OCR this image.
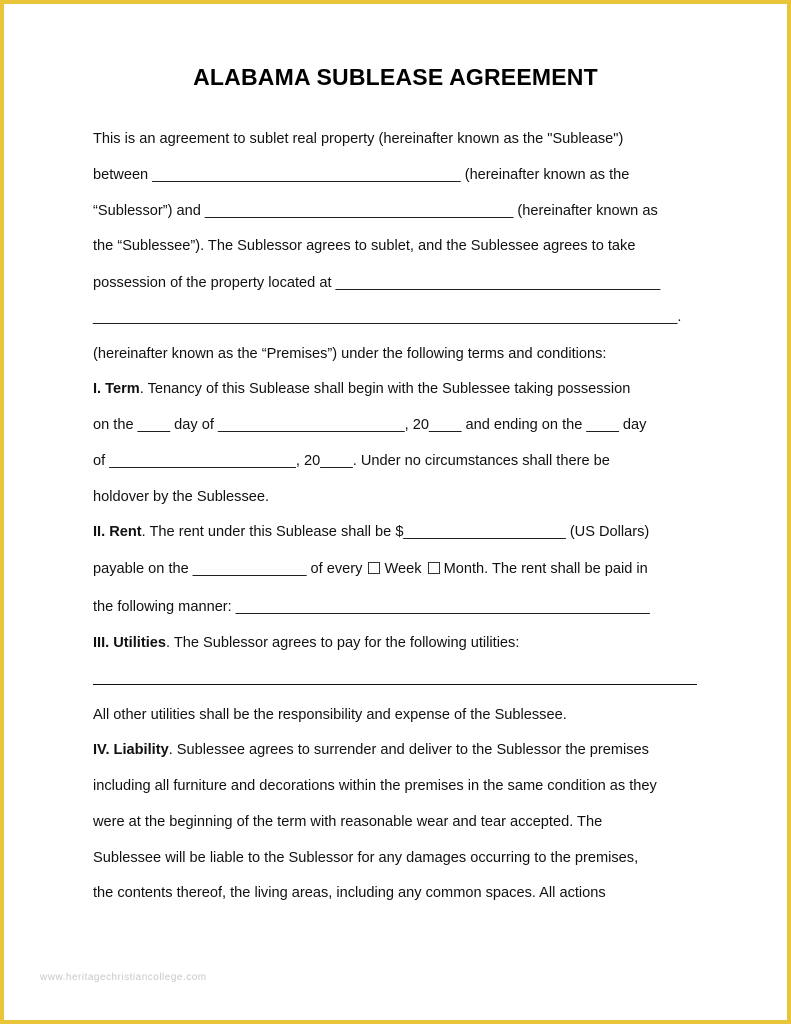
ALABAMA SUBLEASE AGREEMENT
This is an agreement to sublet real property (hereinafter known as the "Sublease")
between ______________________________________ (hereinafter known as the
“Sublessor”) and ______________________________________ (hereinafter known as
the “Sublessee”). The Sublessor agrees to sublet, and the Sublessee agrees to take
possession of the property located at ________________________________________
________________________________________________________________________.
(hereinafter known as the “Premises”) under the following terms and conditions:
I. Term. Tenancy of this Sublease shall begin with the Sublessee taking possession
on the ____ day of _______________________, 20____ and ending on the ____ day
of _______________________, 20____. Under no circumstances shall there be
holdover by the Sublessee.
II. Rent. The rent under this Sublease shall be $____________________ (US Dollars)
payable on the ______________ of every Week Month. The rent shall be paid in
the following manner: ___________________________________________________
III. Utilities. The Sublessor agrees to pay for the following utilities:
All other utilities shall be the responsibility and expense of the Sublessee.
IV. Liability. Sublessee agrees to surrender and deliver to the Sublessor the premises
including all furniture and decorations within the premises in the same condition as they
were at the beginning of the term with reasonable wear and tear accepted. The
Sublessee will be liable to the Sublessor for any damages occurring to the premises,
the contents thereof, the living areas, including any common spaces. All actions
www.heritagechristiancollege.com
